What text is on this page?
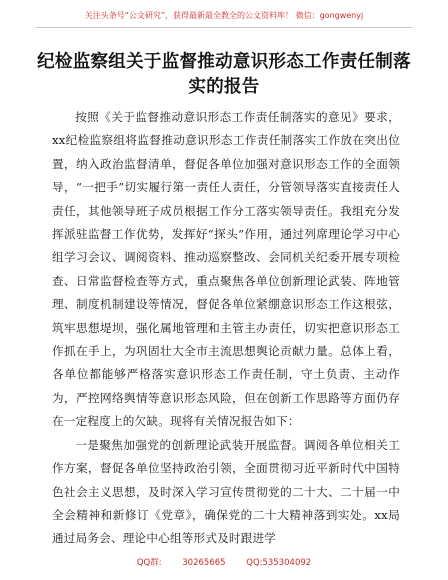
关注头条号“公文研究”，获得最新最全教全的公文资料库！ 微信：gongwenyj
纪检监察组关于监督推动意识形态工作责任制落实的报告

按照《关于监督推动意识形态工作责任制落实的意见》要求，xx纪检监察组将监督推动意识形态工作责任制落实工作放在突出位置，纳入政治监督清单，督促各单位加强对意识形态工作的全面领导，“一把手”切实履行第一责任人责任，分管领导落实直接责任人责任，其他领导班子成员根据工作分工落实领导责任。我组充分发挥派驻监督工作优势，发挥好“探头”作用，通过列席理论学习中心组学习会议、调阅资料、推动巡察整改、会同机关纪委开展专项检查、日常监督检查等方式，重点聚焦各单位创新理论武装、阵地管理、制度机制建设等情况，督促各单位紧绷意识形态工作这根弦，筑牢思想堤坝，强化属地管理和主管主办责任，切实把意识形态工作抓在手上，为巩固壮大全市主流思想舆论贡献力量。总体上看，各单位都能够严格落实意识形态工作责任制，守土负责、主动作为，严控网络舆情等意识形态风险，但在创新工作思路等方面仍存在一定程度上的欠缺。现将有关情况报告如下：

一是聚焦加强党的创新理论武装开展监督。调阅各单位相关工作方案，督促各单位坚持政治引领，全面贯彻习近平新时代中国特色社会主义思想，及时深入学习宣传贯彻党的二十大、二十届一中全会精神和新修订《党章》，确保党的二十大精神落到实处。xx局通过局务会、理论中心组等形式及时跟进学

QQ群: 30265665 QQ:535304092
